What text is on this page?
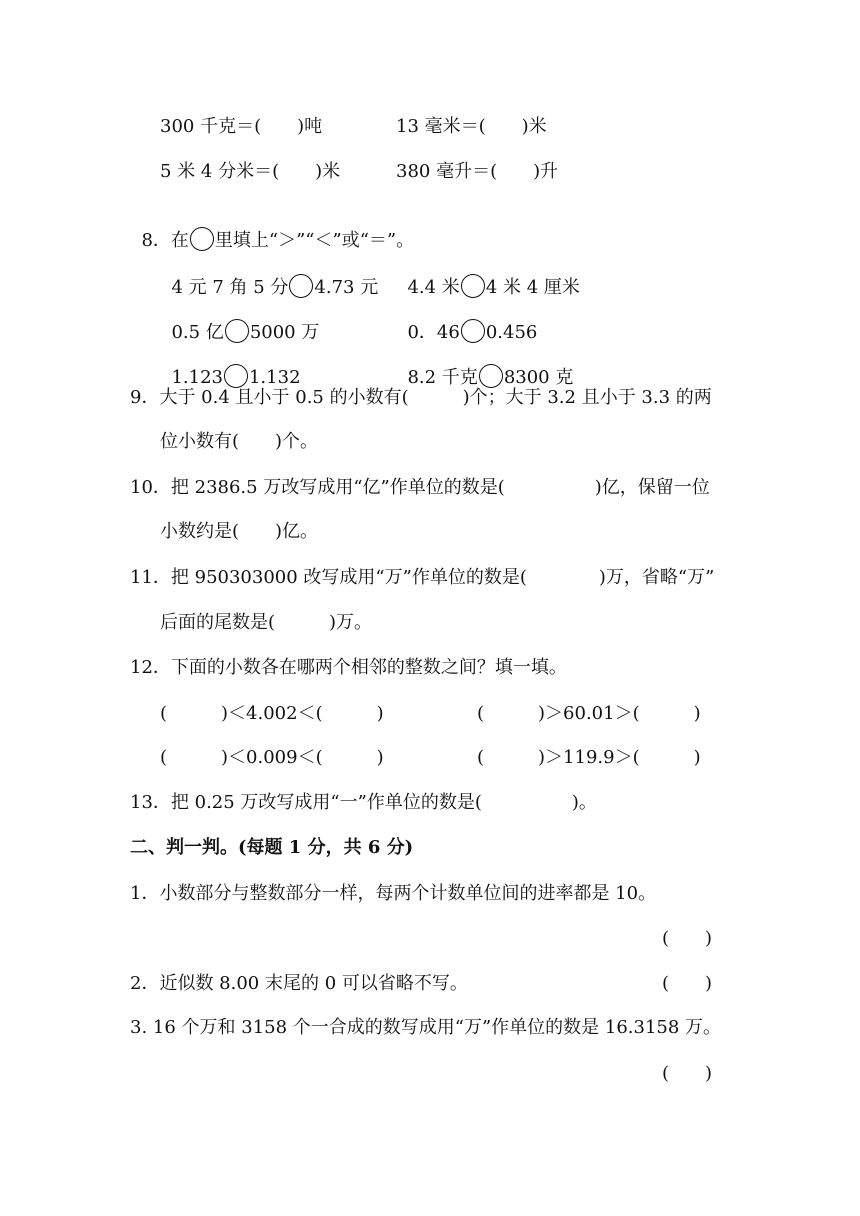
300 千克＝(　　)吨	13 毫米＝(　　)米
5 米 4 分米＝(　　)米	380 毫升＝(　　)升

8．在 里填上“＞”“＜”或“＝”。

4 元 7 角 5 分 4.73 元	4.4 米 4 米 4 厘米

0.5 亿 5000 万	0．46 0.456

1.123 1.132	8.2 千克 8300 克

9．大于 0.4 且小于 0.5 的小数有(　　　)个；大于 3.2 且小于 3.3 的两
位小数有(　　)个。
10．把 2386.5 万改写成用“亿”作单位的数是(　　　　　)亿，保留一位
小数约是(　　)亿。
11．把 950303000 改写成用“万”作单位的数是(　　　　)万，省略“万”
后面的尾数是(　　　)万。
12．下面的小数各在哪两个相邻的整数之间？填一填。
(　　　)＜4.002＜(　　　)	(　　　)＞60.01＞(　　　)
(　　　)＜0.009＜(　　　)	(　　　)＞119.9＞(　　　)
13．把 0.25 万改写成用“一”作单位的数是(　　　　　)。
二、判一判。(每题 1 分，共 6 分)
1．小数部分与整数部分一样，每两个计数单位间的进率都是 10。
(　　)
2．近似数 8.00 末尾的 0 可以省略不写。	(　　)
3. 16 个万和 3158 个一合成的数写成用“万”作单位的数是 16.3158 万。
(　　)
